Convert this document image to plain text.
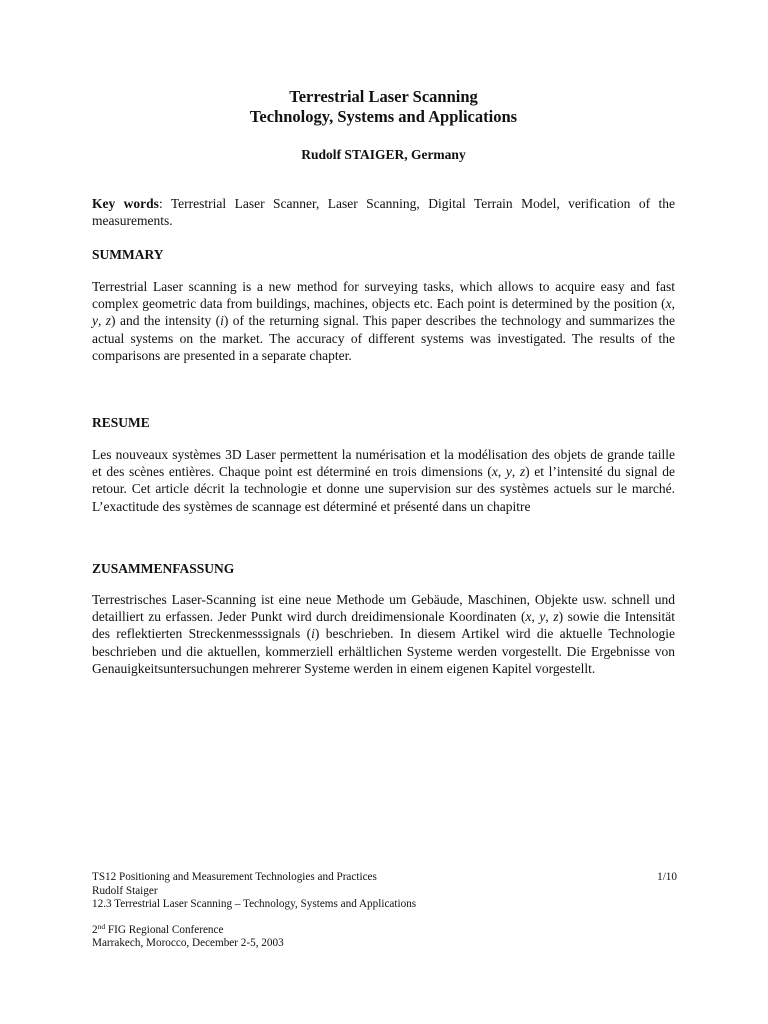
Terrestrial Laser Scanning
Technology, Systems and Applications
Rudolf STAIGER, Germany

Key words: Terrestrial Laser Scanner, Laser Scanning, Digital Terrain Model, verification of the measurements.

SUMMARY

Terrestrial Laser scanning is a new method for surveying tasks, which allows to acquire easy and fast complex geometric data from buildings, machines, objects etc. Each point is determined by the position (x, y, z) and the intensity (i) of the returning signal. This paper describes the technology and summarizes the actual systems on the market. The accuracy of different systems was investigated. The results of the comparisons are presented in a separate chapter.

RESUME

Les nouveaux systèmes 3D Laser permettent la numérisation et la modélisation des objets de grande taille et des scènes entières. Chaque point est déterminé en trois dimensions (x, y, z) et l’intensité du signal de retour. Cet article décrit la technologie et donne une supervision sur des systèmes actuels sur le marché. L’exactitude des systèmes de scannage est déterminé et présenté dans un chapitre

ZUSAMMENFASSUNG

Terrestrisches Laser-Scanning ist eine neue Methode um Gebäude, Maschinen, Objekte usw. schnell und detailliert zu erfassen. Jeder Punkt wird durch dreidimensionale Koordinaten (x, y, z) sowie die Intensität des reflektierten Streckenmesssignals (i) beschrieben. In diesem Artikel wird die aktuelle Technologie beschrieben und die aktuellen, kommerziell erhältlichen Systeme werden vorgestellt. Die Ergebnisse von Genauigkeitsuntersuchungen mehrerer Systeme werden in einem eigenen Kapitel vorgestellt.

1/10
TS12 Positioning and Measurement Technologies and Practices
Rudolf Staiger
12.3 Terrestrial Laser Scanning – Technology, Systems and Applications
2nd FIG Regional Conference
Marrakech, Morocco, December 2-5, 2003
